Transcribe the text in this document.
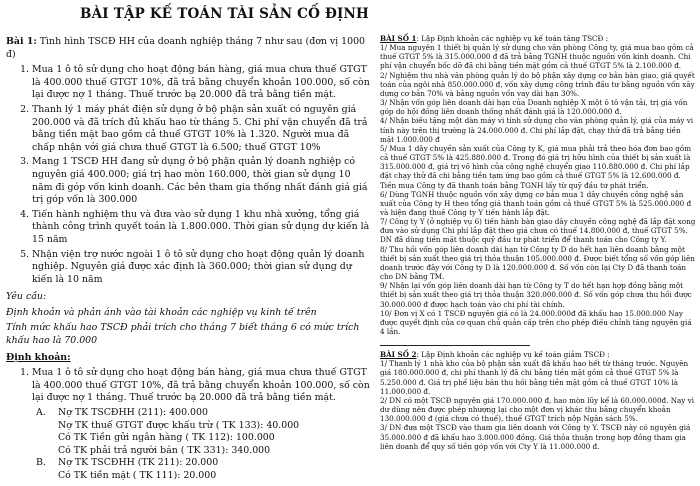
BÀI TẬP KẾ TOÁN TÀI SẢN CỐ ĐỊNH

Bài 1: Tình hình TSCĐ HH của doanh nghiệp tháng 7 như sau (đơn vị 1000 đ)

1. Mua 1 ô tô sử dụng cho hoạt động bán hàng, giá mua chưa thuế GTGT là 400.000 thuế GTGT 10%, đã trả bằng chuyển khoản 100.000, số còn lại được nợ 1 tháng. Thuế trước bạ 20.000 đã trả bằng tiền mặt.
2. Thanh lý 1 máy phát điện sử dụng ở bộ phận sản xuất có nguyên giá 200.000 và đã trích đủ khấu hao từ tháng 5. Chi phí vận chuyển đã trả bằng tiền mặt bao gồm cả thuế GTGT 10% là 1.320. Người mua đã chấp nhận với giá chưa thuế GTGT là 6.500; thuế GTGT 10%
3. Mang 1 TSCĐ HH đang sử dụng ở bộ phận quản lý doanh nghiệp có nguyên giá 400.000; giá trị hao mòn 160.000, thời gian sử dụng 10 năm đi góp vốn kinh doanh. Các bên tham gia thống nhất đánh giá giá trị góp vốn là 300.000
4. Tiến hành nghiệm thu và đưa vào sử dụng 1 khu nhà xưởng, tổng giá thành công trình quyết toán là 1.800.000. Thời gian sử dụng dự kiến là 15 năm
5. Nhận viện trợ nước ngoài 1 ô tô sử dụng cho hoạt động quản lý doanh nghiệp. Nguyên giá được xác định là 360.000; thời gian sử dụng dự kiến là 10 năm

Yêu cầu:

Định khoản và phản ánh vào tài khoản các nghiệp vụ kinh tế trên

Tính mức khấu hao TSCĐ phải trích cho tháng 7 biết tháng 6 có mức trích khấu hao là 70.000

Định khoản:

1. Mua 1 ô tô sử dụng cho hoạt động bán hàng, giá mua chưa thuế GTGT là 400.000 thuế GTGT 10%, đã trả bằng chuyển khoản 100.000, số còn lại được nợ 1 tháng. Thuế trước bạ 20.000 đã trả bằng tiền mặt.
A.	Nợ TK TSCĐHH (211): 400.000
Nợ TK thuế GTGT được khấu trừ ( TK 133): 40.000
Có TK Tiền gửi ngân hàng ( TK 112): 100.000
Có TK phải trả người bán ( TK 331): 340.000
B.	Nợ TK TSCĐHH (TK 211): 20.000
Có TK tiền mặt ( TK 111): 20.000

BÀI SỐ 1: Lập Định khoản các nghiệp vụ kế toán tăng TSCĐ :

1/ Mua nguyên 1 thiết bị quản lý sử dụng cho văn phòng Công ty, giá mua bao gồm cả thuế GTGT 5% là 315.000.000 đ đã trả bằng TGNH thuộc nguồn vốn kinh doanh. Chi phí vận chuyển bốc dỡ đã chi bằng tiền mặt gồm cả thuế GTGT 5% là 2.100.000 đ.

2/ Nghiệm thu nhà văn phòng quản lý do bộ phận xây dựng cơ bản bàn giao, giá quyết toán của ngôi nhà 850.000.000 đ, vốn xây dựng công trình đầu tư bằng nguồn vốn xây dựng cơ bản 70% và bằng nguồn vốn vay dài hạn 30%.

3/ Nhận vốn góp liên doanh dài hạn của Doanh nghiệp X một ô tô vận tải, trị giá vốn góp do hội đồng liên doanh thống nhất đánh giá là 120.000.000 đ.

4/ Nhận biếu tặng một dàn máy vi tính sử dụng cho văn phòng quản lý, giá của máy vi tính này trên thị trường là 24.000.000 đ. Chi phí lắp đặt, chạy thử đã trả bằng tiền mặt 1.000.000 đ

5/ Mua 1 dây chuyền sản xuất của Công ty K, giá mua phải trả theo hóa đơn bao gồm cả thuế GTGT 5% là 425.880.000 đ. Trong đó giá trị hữu hình của thiết bị sản xuất là 315.000.000 đ, giá trị vô hình của công nghệ chuyển giao 110.880.000 đ. Chi phí lắp đặt chạy thử đã chi bằng tiền tạm ứng bao gồm cả thuế GTGT 5% là 12.600.000 đ. Tiền mua Công ty đã thanh toán bằng TGNH lấy từ quỹ đầu tư phát triển.

6/ Dùng TGNH thuộc nguồn vốn xây dựng cơ bản mua 1 dây chuyền công nghệ sản xuất của Công ty H theo tổng giá thanh toán gồm cả thuế GTGT 5% là 525.000.000 đ và hiện đang thuê Công ty Y tiến hành lắp đặt.

7/ Công ty Y (ở nghiệp vụ 6) tiến hành bàn giao dây chuyền công nghệ đã lắp đặt xong đưa vào sử dụng Chi phí lắp đặt theo giá chưa có thuế 14.800.000 đ, thuế GTGT 5%. DN đã dùng tiền mặt thuộc quỹ đầu tư phát triển để thanh toán cho Công ty Y.

8/ Thu hồi vốn góp liên doanh dài hạn từ Công ty D do hết hạn liên doanh bằng một thiết bị sản xuất theo giá trị thỏa thuận 105.000.000 đ. Được biết tổng số vốn góp liên doanh trước đây với Công ty D là 120.000.000 đ. Số vốn còn lại Cty D đã thanh toán cho DN bằng TM.

9/ Nhận lại vốn góp liên doanh dài hạn từ Công ty T do hết hạn hợp đồng bằng một thiết bị sản xuất theo giá trị thỏa thuận 320.000.000 đ. Số vốn góp chưa thu hồi được 30.000.000 đ được hạch toán vào chi phí tài chính.

10/ Đơn vị X có 1 TSCĐ nguyên giá có là 24.000.000đ đã khấu hao 15.000.000 Nay được quyết định của cơ quan chủ quản cấp trên cho phép điều chỉnh tăng nguyên giá 4 lần.

BÀI SỐ 2: Lập Định khoản các nghiệp vụ kế toán giảm TSCĐ :

1/ Thanh lý 1 nhà kho của bộ phận sản xuất đã khấu hao hết từ tháng trước. Nguyên giá 180.000.000 đ, chi phí thanh lý đã chi bằng tiền mặt gồm cả thuế GTGT 5% là 5.250.000 đ. Giá trị phế liệu bán thu hồi bằng tiền mặt gồm cả thuế GTGT 10% là 11.000.000 đ.

2/ DN có một TSCĐ nguyên giá 170.000.000 đ, hao mòn lũy kế là 60.000.000đ. Nay vì dư dùng nên được phép nhượng lại cho một đơn vị khác thu bằng chuyển khoản 130.000.000 đ (giá chưa có thuế), thuế GTGT trích nộp Ngân sách 5%.

3/ DN đưa một TSCĐ vào tham gia liên doanh với Công ty Y. TSCĐ này có nguyên giá 35.000.000 đ đã khấu hao 3.000.000 đồng. Giá thỏa thuận trong hợp đồng tham gia liên doanh để quy số tiền góp vốn với Cty Y là 11.000.000 đ.
